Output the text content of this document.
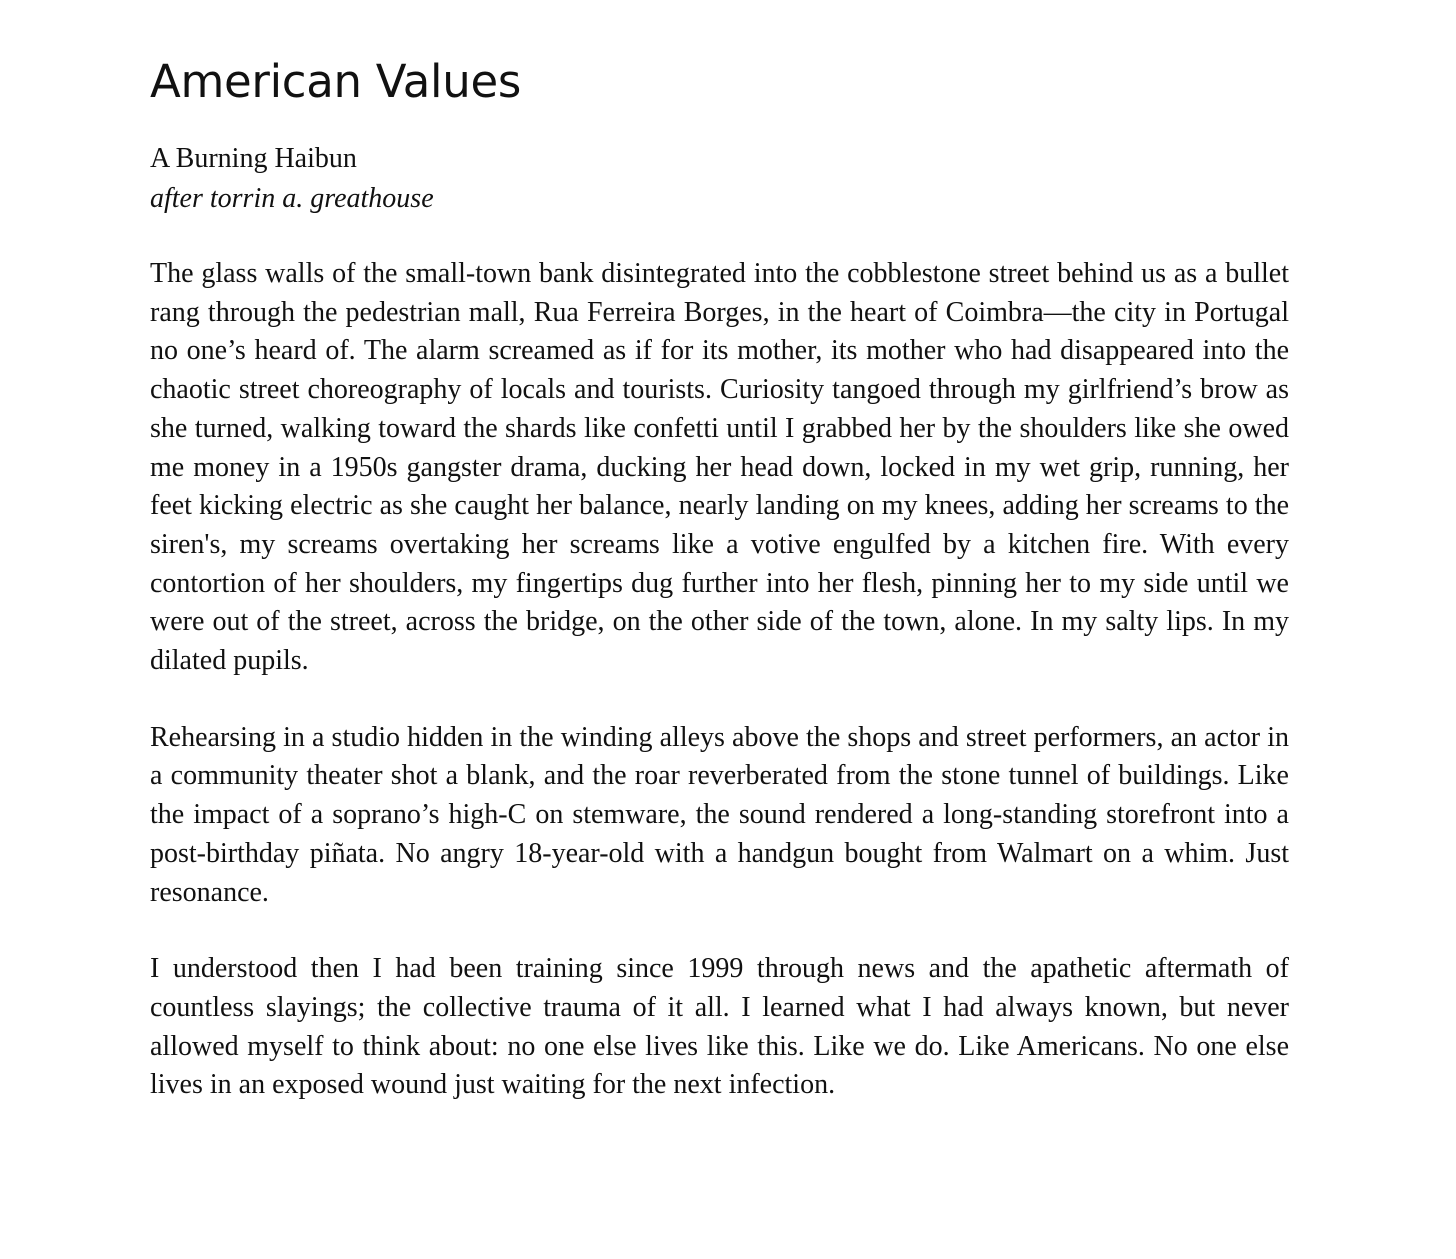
American Values
A Burning Haibun
after torrin a. greathouse

The glass walls of the small-town bank disintegrated into the cobblestone street behind us as a bullet rang through the pedestrian mall, Rua Ferreira Borges, in the heart of Coimbra—the city in Portugal no one’s heard of. The alarm screamed as if for its mother, its mother who had disappeared into the chaotic street choreography of locals and tourists. Curiosity tangoed through my girlfriend’s brow as she turned, walking toward the shards like confetti until I grabbed her by the shoulders like she owed me money in a 1950s gangster drama, ducking her head down, locked in my wet grip, running, her feet kicking electric as she caught her balance, nearly landing on my knees, adding her screams to the siren's, my screams overtaking her screams like a votive engulfed by a kitchen fire. With every contortion of her shoulders, my fingertips dug further into her flesh, pinning her to my side until we were out of the street, across the bridge, on the other side of the town, alone. In my salty lips. In my dilated pupils.

Rehearsing in a studio hidden in the winding alleys above the shops and street performers, an actor in a community theater shot a blank, and the roar reverberated from the stone tunnel of buildings. Like the impact of a soprano’s high-C on stemware, the sound rendered a long-standing storefront into a post-birthday piñata. No angry 18-year-old with a handgun bought from Walmart on a whim. Just resonance.

I understood then I had been training since 1999 through news and the apathetic aftermath of countless slayings; the collective trauma of it all. I learned what I had always known, but never allowed myself to think about: no one else lives like this. Like we do. Like Americans. No one else lives in an exposed wound just waiting for the next infection.
